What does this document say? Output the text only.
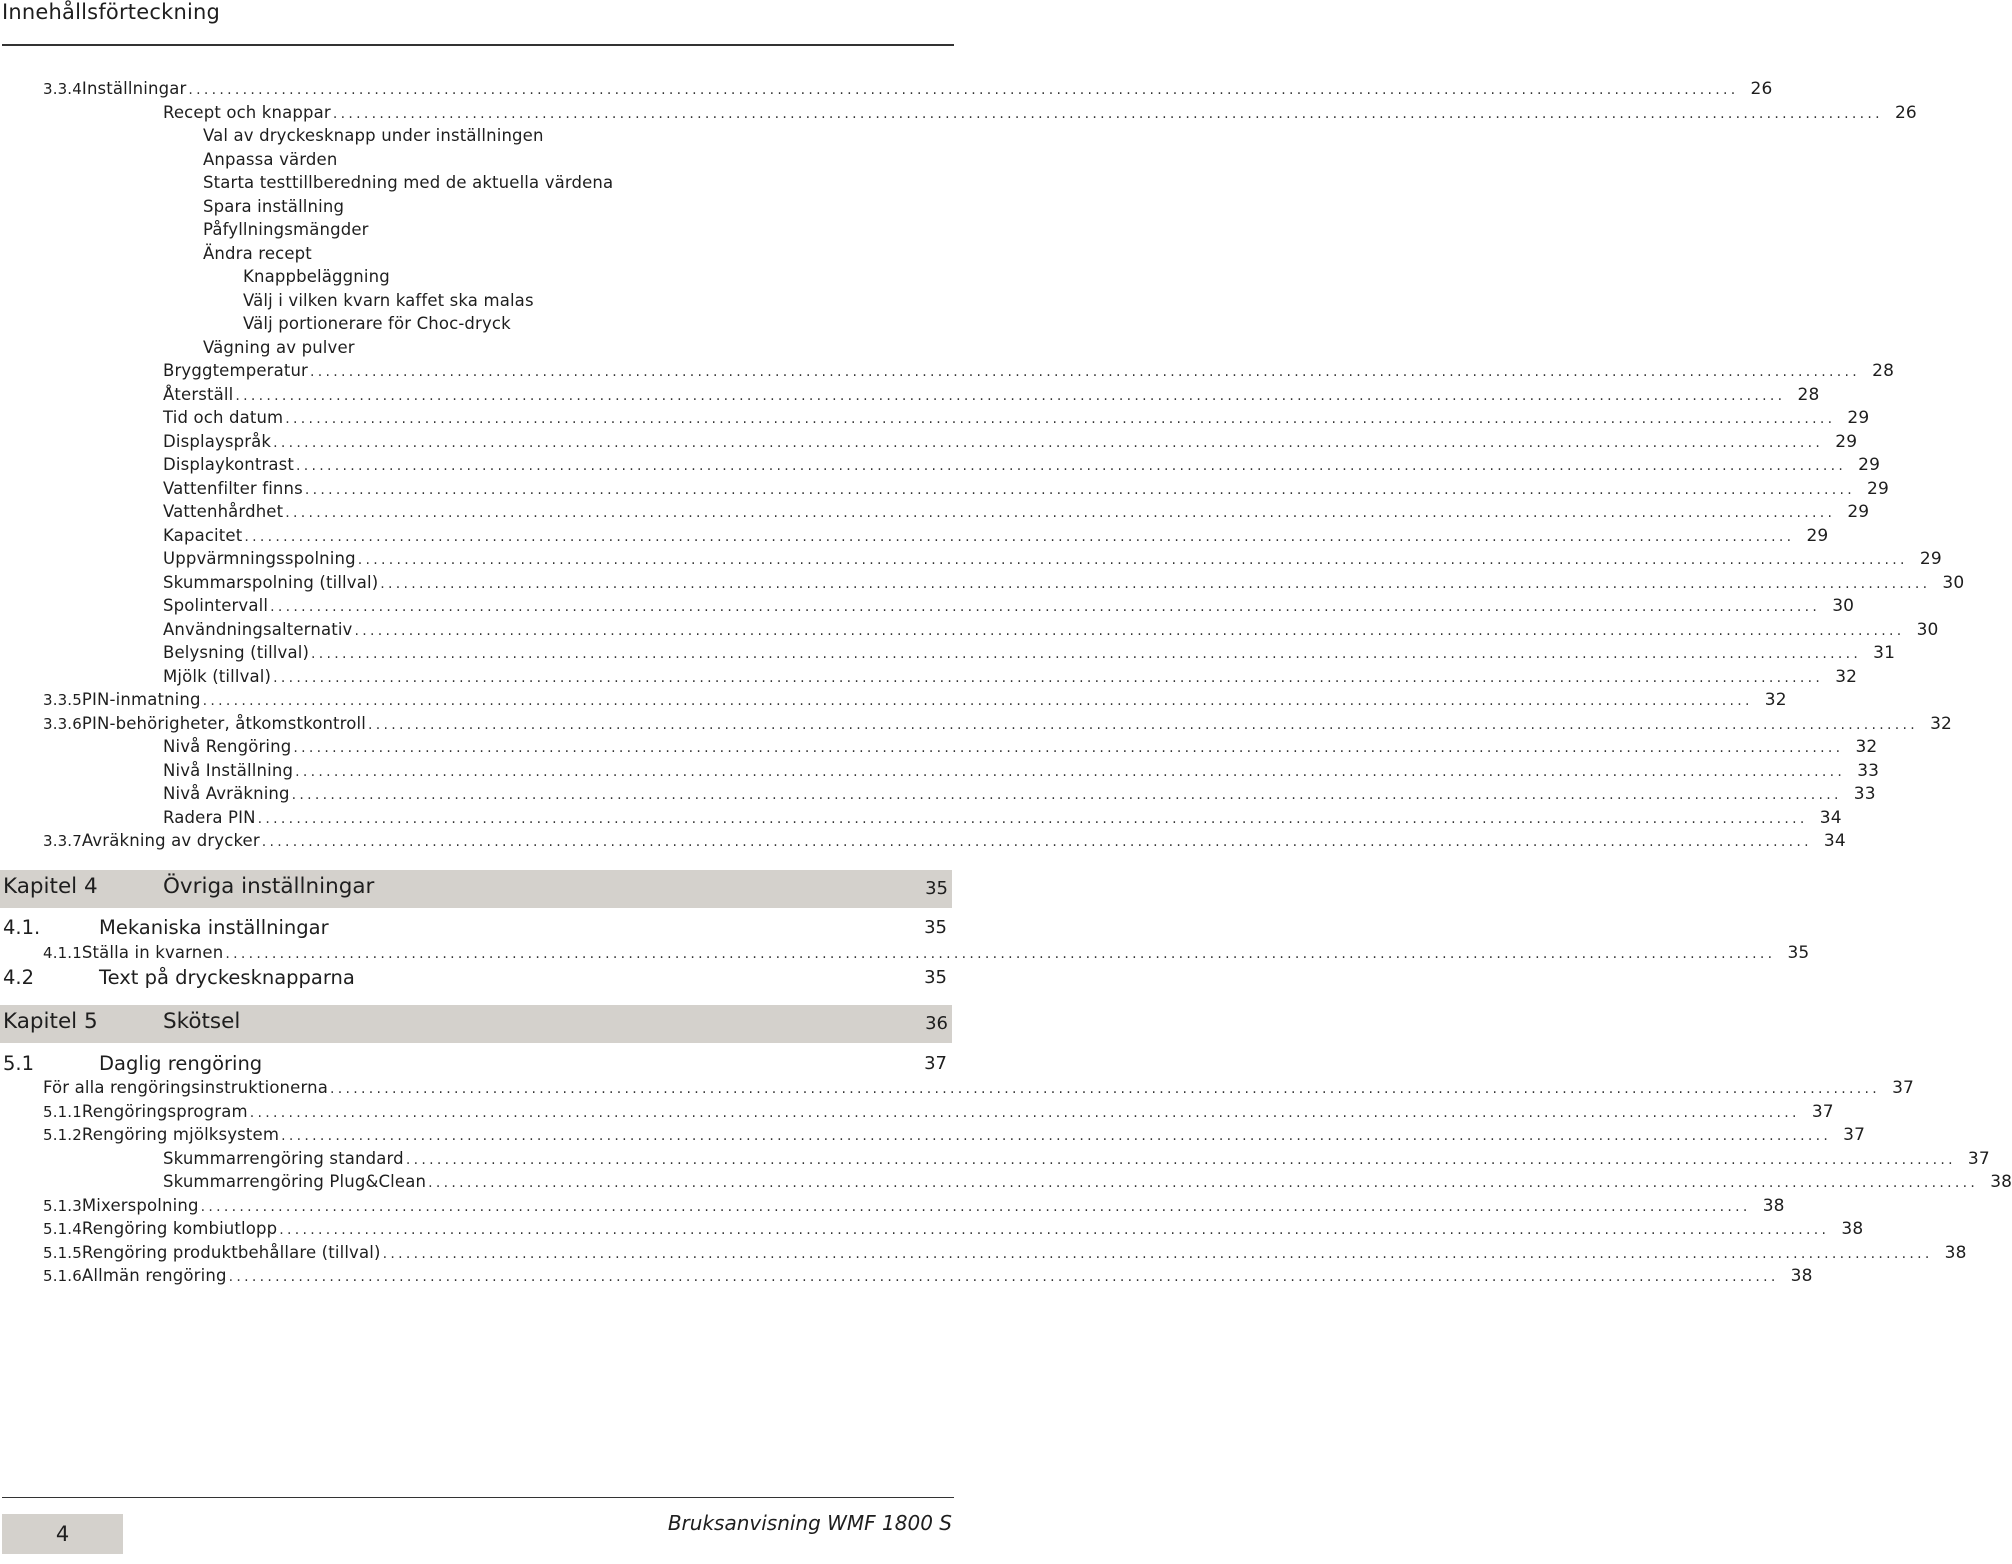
Innehållsförteckning
3.3.4 Inställningar ........................................................................................................................................................................................................ 26
Recept och knappar ........................................................................................................................................................................................................ 26
Val av dryckesknapp under inställningen
Anpassa värden
Starta testtillberedning med de aktuella värdena
Spara inställning
Påfyllningsmängder
Ändra recept
Knappbeläggning
Välj i vilken kvarn kaffet ska malas
Välj portionerare för Choc-dryck
Vägning av pulver
Bryggtemperatur ........................................................................................................................................................................................................ 28
Återställ ........................................................................................................................................................................................................ 28
Tid och datum ........................................................................................................................................................................................................ 29
Displayspråk ........................................................................................................................................................................................................ 29
Displaykontrast ........................................................................................................................................................................................................ 29
Vattenfilter finns ........................................................................................................................................................................................................ 29
Vattenhårdhet ........................................................................................................................................................................................................ 29
Kapacitet ........................................................................................................................................................................................................ 29
Uppvärmningsspolning ........................................................................................................................................................................................................ 29
Skummarspolning (tillval) ........................................................................................................................................................................................................ 30
Spolintervall ........................................................................................................................................................................................................ 30
Användningsalternativ ........................................................................................................................................................................................................ 30
Belysning (tillval) ........................................................................................................................................................................................................ 31
Mjölk (tillval) ........................................................................................................................................................................................................ 32
3.3.5 PIN-inmatning ........................................................................................................................................................................................................ 32
3.3.6 PIN-behörigheter, åtkomstkontroll ........................................................................................................................................................................................................ 32
Nivå Rengöring ........................................................................................................................................................................................................ 32
Nivå Inställning ........................................................................................................................................................................................................ 33
Nivå Avräkning ........................................................................................................................................................................................................ 33
Radera PIN ........................................................................................................................................................................................................ 34
3.3.7 Avräkning av drycker ........................................................................................................................................................................................................ 34
Kapitel 4	Övriga inställningar	35
4.1.	Mekaniska inställningar	35
4.1.1 Ställa in kvarnen ........................................................................................................................................................................................................ 35
4.2	Text på dryckesknapparna	35
Kapitel 5	Skötsel	36
5.1	Daglig rengöring	37
För alla rengöringsinstruktionerna ........................................................................................................................................................................................................ 37
5.1.1 Rengöringsprogram ........................................................................................................................................................................................................ 37
5.1.2 Rengöring mjölksystem ........................................................................................................................................................................................................ 37
Skummarrengöring standard ........................................................................................................................................................................................................ 37
Skummarrengöring Plug&Clean ........................................................................................................................................................................................................ 38
5.1.3 Mixerspolning ........................................................................................................................................................................................................ 38
5.1.4 Rengöring kombiutlopp ........................................................................................................................................................................................................ 38
5.1.5 Rengöring produktbehållare (tillval) ........................................................................................................................................................................................................ 38
5.1.6 Allmän rengöring ........................................................................................................................................................................................................ 38
4	Bruksanvisning WMF 1800 S
